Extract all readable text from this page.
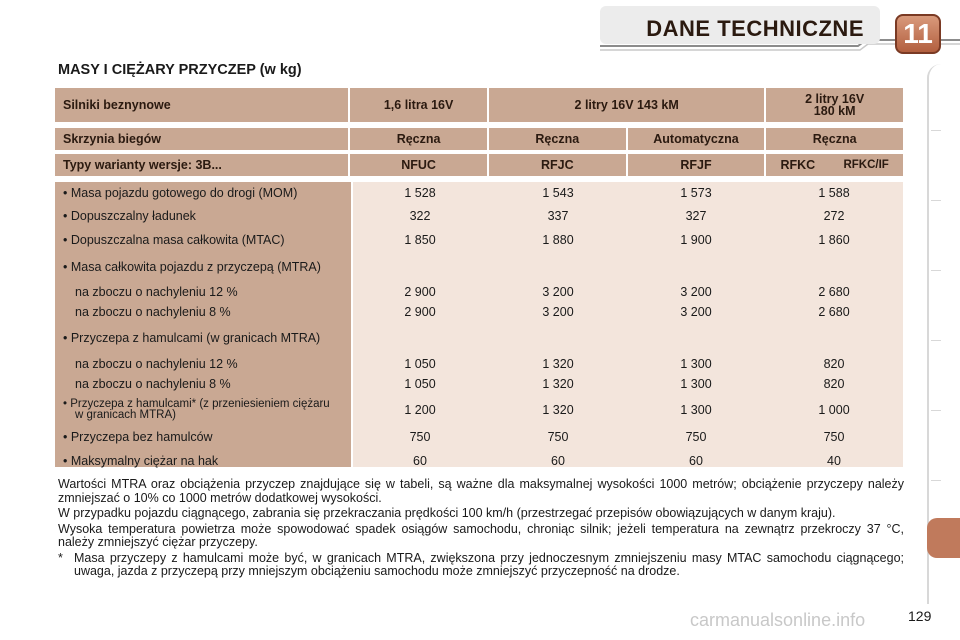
DANE TECHNICZNE 11
MASY I CIĘŻARY PRZYCZEP (w kg)
Silniki beznynowe	1,6 litra 16V	2 litry 16V 143 kM	2 litry 16V
180 kM
Skrzynia biegów	Ręczna	Ręczna	Automatyczna	Ręczna
Typy warianty wersje: 3B...	NFUC	RFJC	RFJF	RFKC RFKC/IF
• Masa pojazdu gotowego do drogi (MOM)	1 528	1 543	1 573	1 588
• Dopuszczalny ładunek	322	337	327	272
• Dopuszczalna masa całkowita (MTAC)	1 850	1 880	1 900	1 860
• Masa całkowita pojazdu z przyczepą (MTRA)
na zboczu o nachyleniu 12 %	2 900	3 200	3 200	2 680
na zboczu o nachyleniu 8 %	2 900	3 200	3 200	2 680
• Przyczepa z hamulcami (w granicach MTRA)
na zboczu o nachyleniu 12 %	1 050	1 320	1 300	820
na zboczu o nachyleniu 8 %	1 050	1 320	1 300	820
• Przyczepa z hamulcami* (z przeniesieniem ciężaru w granicach MTRA)	1 200	1 320	1 300	1 000
• Przyczepa bez hamulców	750	750	750	750
• Maksymalny ciężar na hak	60	60	60	40

Wartości MTRA oraz obciążenia przyczep znajdujące się w tabeli, są ważne dla maksymalnej wysokości 1000 metrów; obciążenie przyczepy należy zmniejszać o 10% co 1000 metrów dodatkowej wysokości.

W przypadku pojazdu ciągnącego, zabrania się przekraczania prędkości 100 km/h (przestrzegać przepisów obowiązujących w danym kraju).

Wysoka temperatura powietrza może spowodować spadek osiągów samochodu, chroniąc silnik; jeżeli temperatura na zewnątrz przekroczy 37 °C, należy zmniejszyć ciężar przyczepy.

* Masa przyczepy z hamulcami może być, w granicach MTRA, zwiększona przy jednoczesnym zmniejszeniu masy MTAC samochodu ciągnącego; uwaga, jazda z przyczepą przy mniejszym obciążeniu samochodu może zmniejszyć przyczepność na drodze.
carmanualsonline.info	129
